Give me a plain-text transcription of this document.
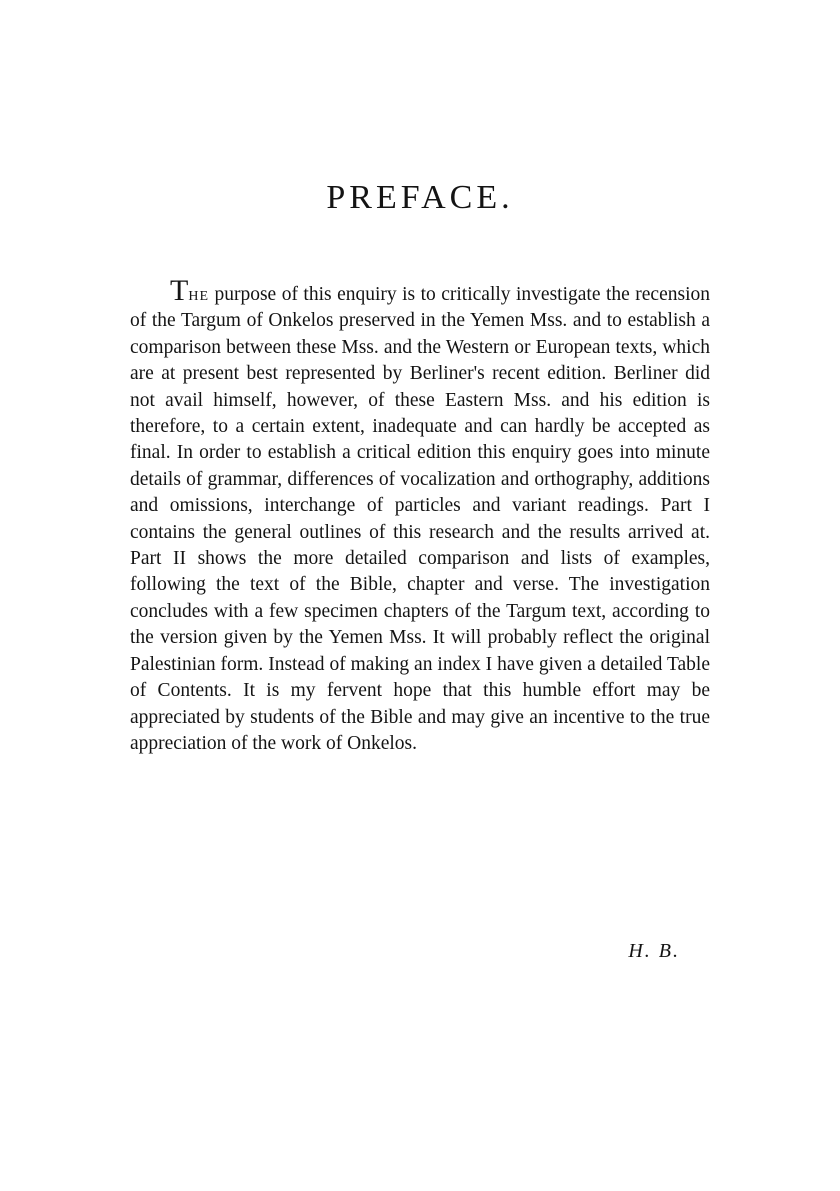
PREFACE.

The purpose of this enquiry is to critically investigate the recension of the Targum of Onkelos preserved in the Yemen Mss. and to establish a comparison between these Mss. and the Western or European texts, which are at present best represented by Berliner's recent edition. Berliner did not avail himself, however, of these Eastern Mss. and his edition is therefore, to a certain extent, inadequate and can hardly be accepted as final. In order to establish a critical edition this enquiry goes into minute details of grammar, differences of vocalization and orthography, additions and omissions, interchange of particles and variant readings. Part I contains the general outlines of this research and the results arrived at. Part II shows the more detailed comparison and lists of examples, following the text of the Bible, chapter and verse. The investigation concludes with a few specimen chapters of the Targum text, according to the version given by the Yemen Mss. It will probably reflect the original Palestinian form. Instead of making an index I have given a detailed Table of Contents. It is my fervent hope that this humble effort may be appreciated by students of the Bible and may give an incentive to the true appreciation of the work of Onkelos.

H. B.
